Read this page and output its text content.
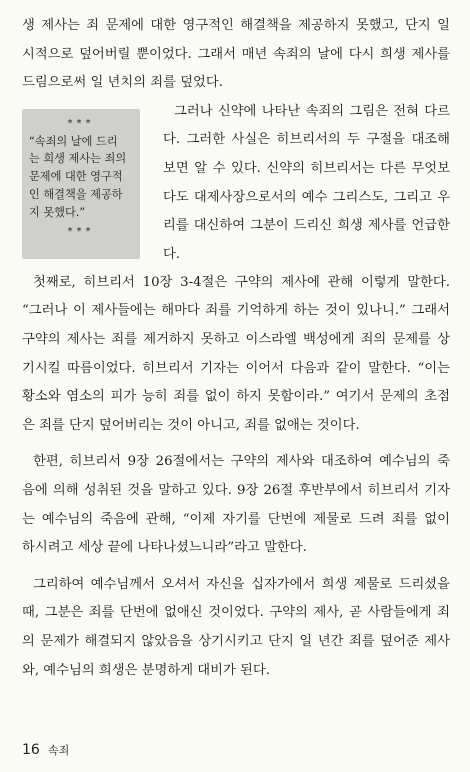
생 제사는 죄 문제에 대한 영구적인 해결책을 제공하지 못했고, 단지 일
시적으로 덮어버릴 뿐이었다. 그래서 매년 속죄의 날에 다시 희생 제사를
드림으로써 일 년치의 죄를 덮었다.

***
“속죄의 날에 드리
는 희생 제사는 죄의
문제에 대한 영구적
인 해결책을 제공하
지 못했다.”
***

그러나 신약에 나타난 속죄의 그림은 전혀 다르
다. 그러한 사실은 히브리서의 두 구절을 대조해
보면 알 수 있다. 신약의 히브리서는 다른 무엇보
다도 대제사장으로서의 예수 그리스도, 그리고 우
리를 대신하여 그분이 드리신 희생 제사를 언급한
다.

첫째로, 히브리서 10장 3-4절은 구약의 제사에 관해 이렇게 말한다.
“그러나 이 제사들에는 해마다 죄를 기억하게 하는 것이 있나니.” 그래서
구약의 제사는 죄를 제거하지 못하고 이스라엘 백성에게 죄의 문제를 상
기시킬 따름이었다. 히브리서 기자는 이어서 다음과 같이 말한다. “이는
황소와 염소의 피가 능히 죄를 없이 하지 못함이라.” 여기서 문제의 초점
은 죄를 단지 덮어버리는 것이 아니고, 죄를 없애는 것이다.

한편, 히브리서 9장 26절에서는 구약의 제사와 대조하여 예수님의 죽
음에 의해 성취된 것을 말하고 있다. 9장 26절 후반부에서 히브리서 기자
는 예수님의 죽음에 관해, “이제 자기를 단번에 제물로 드려 죄를 없이
하시려고 세상 끝에 나타나셨느니라”라고 말한다.

그리하여 예수님께서 오셔서 자신을 십자가에서 희생 제물로 드리셨을
때, 그분은 죄를 단번에 없애신 것이었다. 구약의 제사, 곧 사람들에게 죄
의 문제가 해결되지 않았음을 상기시키고 단지 일 년간 죄를 덮어준 제사
와, 예수님의 희생은 분명하게 대비가 된다.

16 속죄
